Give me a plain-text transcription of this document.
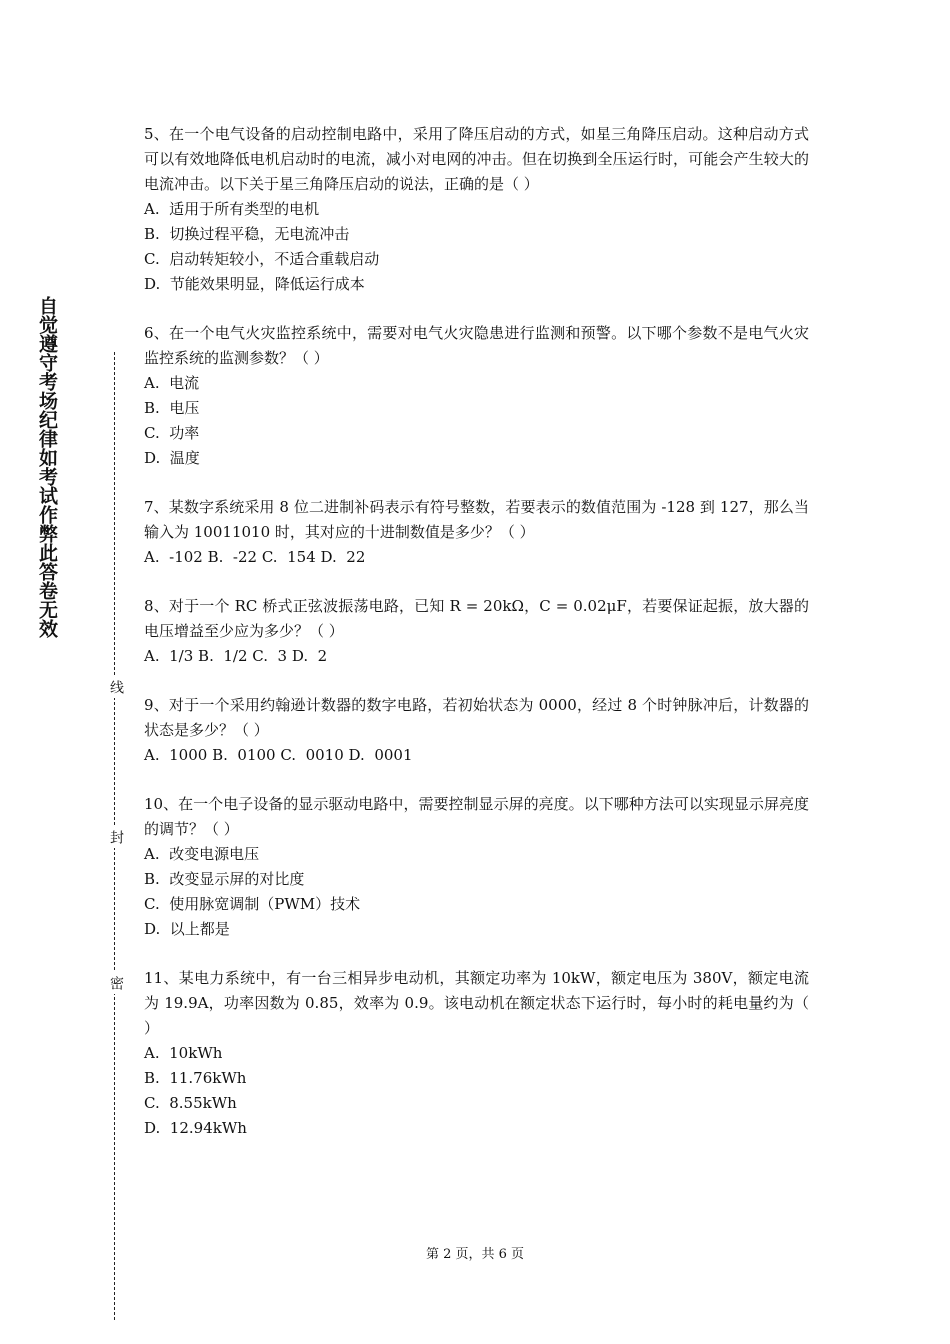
自觉遵守考场纪律如考试作弊此答卷无效
线
封
密

5、在一个电气设备的启动控制电路中，采用了降压启动的方式，如星三角降压启动。这种启动方式可以有效地降低电机启动时的电流，减小对电网的冲击。但在切换到全压运行时，可能会产生较大的电流冲击。以下关于星三角降压启动的说法，正确的是（ ）

A.  适用于所有类型的电机

B.  切换过程平稳，无电流冲击

C.  启动转矩较小，不适合重载启动

D.  节能效果明显，降低运行成本

6、在一个电气火灾监控系统中，需要对电气火灾隐患进行监测和预警。以下哪个参数不是电气火灾监控系统的监测参数？（ ）

A.  电流

B.  电压

C.  功率

D.  温度

7、某数字系统采用 8 位二进制补码表示有符号整数，若要表示的数值范围为 -128 到 127，那么当输入为 10011010 时，其对应的十进制数值是多少？（ ）

A.  -102 B.  -22 C.  154 D.  22

8、对于一个 RC 桥式正弦波振荡电路，已知 R = 20kΩ，C = 0.02μF，若要保证起振，放大器的电压增益至少应为多少？（ ）

A.  1/3 B.  1/2 C.  3 D.  2

9、对于一个采用约翰逊计数器的数字电路，若初始状态为 0000，经过 8 个时钟脉冲后，计数器的状态是多少？（ ）

A.  1000 B.  0100 C.  0010 D.  0001

10、在一个电子设备的显示驱动电路中，需要控制显示屏的亮度。以下哪种方法可以实现显示屏亮度的调节？（ ）

A.  改变电源电压

B.  改变显示屏的对比度

C.  使用脉宽调制（PWM）技术

D.  以上都是

11、某电力系统中，有一台三相异步电动机，其额定功率为 10kW，额定电压为 380V，额定电流为 19.9A，功率因数为 0.85，效率为 0.9。该电动机在额定状态下运行时，每小时的耗电量约为（ ）

A.  10kWh

B.  11.76kWh

C.  8.55kWh

D.  12.94kWh

第 2 页，共 6 页
